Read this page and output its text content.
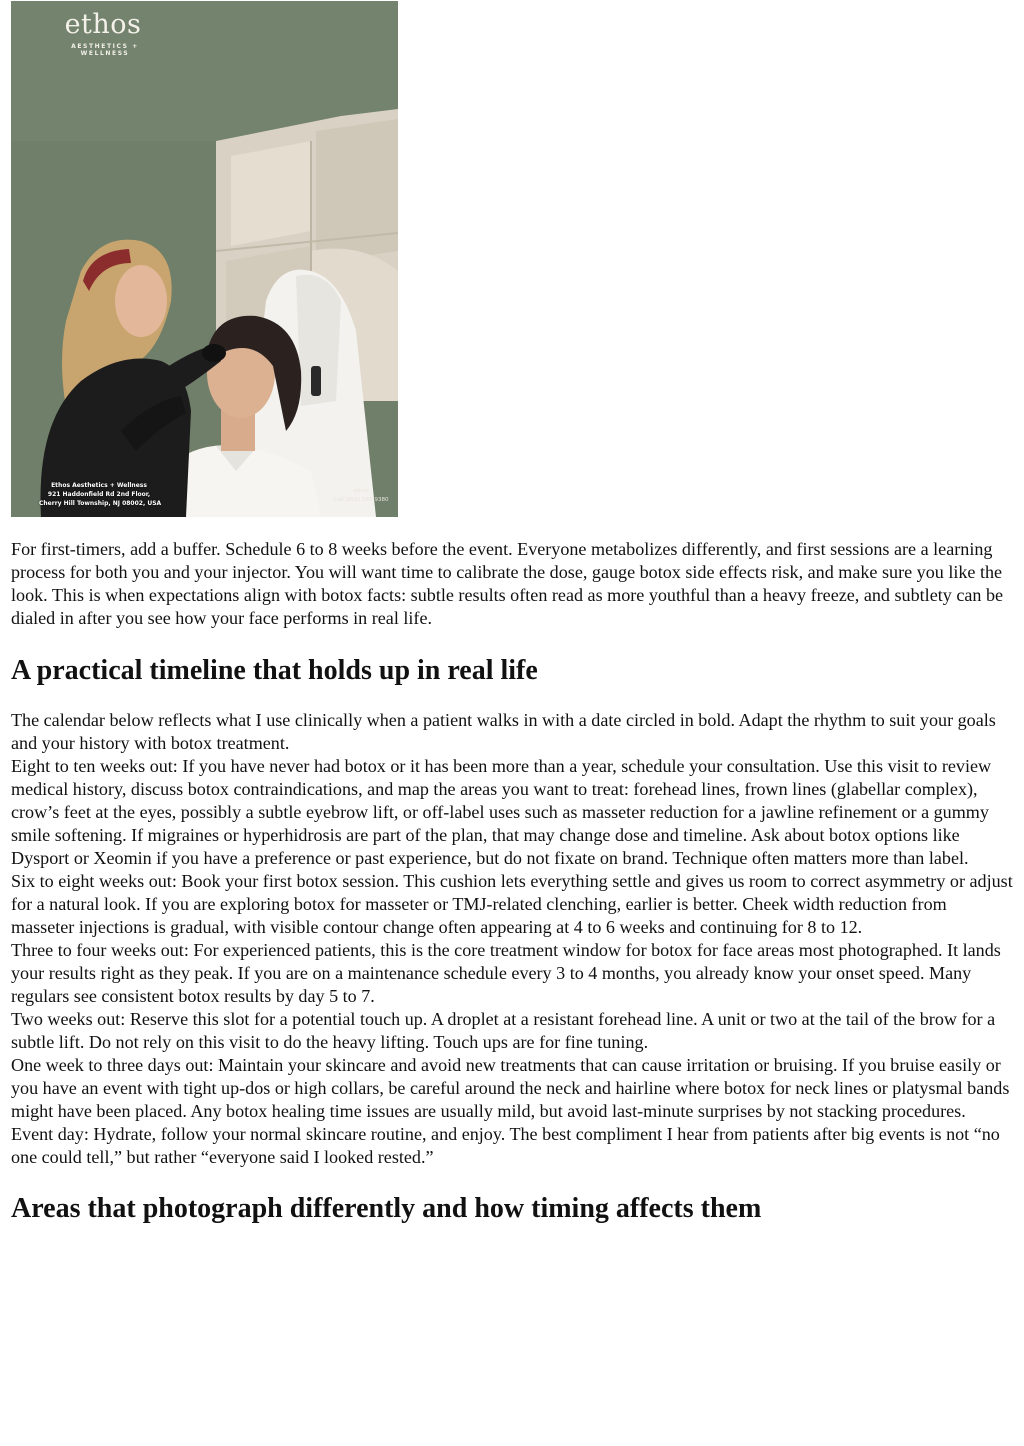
ethos
AESTHETICS + WELLNESS
Ethos Aesthetics + Wellness
921 Haddonfield Rd 2nd Floor,
Cherry Hill Township, NJ 08002, USA
ethos
Call (856) 565-9380

For first-timers, add a buffer. Schedule 6 to 8 weeks before the event. Everyone metabolizes differently, and first sessions are a learning process for both you and your injector. You will want time to calibrate the dose, gauge botox side effects risk, and make sure you like the look. This is when expectations align with botox facts: subtle results often read as more youthful than a heavy freeze, and subtlety can be dialed in after you see how your face performs in real life.

A practical timeline that holds up in real life

The calendar below reflects what I use clinically when a patient walks in with a date circled in bold. Adapt the rhythm to suit your goals and your history with botox treatment.

Eight to ten weeks out: If you have never had botox or it has been more than a year, schedule your consultation. Use this visit to review medical history, discuss botox contraindications, and map the areas you want to treat: forehead lines, frown lines (glabellar complex), crow’s feet at the eyes, possibly a subtle eyebrow lift, or off-label uses such as masseter reduction for a jawline refinement or a gummy smile softening. If migraines or hyperhidrosis are part of the plan, that may change dose and timeline. Ask about botox options like Dysport or Xeomin if you have a preference or past experience, but do not fixate on brand. Technique often matters more than label.

Six to eight weeks out: Book your first botox session. This cushion lets everything settle and gives us room to correct asymmetry or adjust for a natural look. If you are exploring botox for masseter or TMJ-related clenching, earlier is better. Cheek width reduction from masseter injections is gradual, with visible contour change often appearing at 4 to 6 weeks and continuing for 8 to 12.

Three to four weeks out: For experienced patients, this is the core treatment window for botox for face areas most photographed. It lands your results right as they peak. If you are on a maintenance schedule every 3 to 4 months, you already know your onset speed. Many regulars see consistent botox results by day 5 to 7.

Two weeks out: Reserve this slot for a potential touch up. A droplet at a resistant forehead line. A unit or two at the tail of the brow for a subtle lift. Do not rely on this visit to do the heavy lifting. Touch ups are for fine tuning.

One week to three days out: Maintain your skincare and avoid new treatments that can cause irritation or bruising. If you bruise easily or you have an event with tight up-dos or high collars, be careful around the neck and hairline where botox for neck lines or platysmal bands might have been placed. Any botox healing time issues are usually mild, but avoid last-minute surprises by not stacking procedures.

Event day: Hydrate, follow your normal skincare routine, and enjoy. The best compliment I hear from patients after big events is not “no one could tell,” but rather “everyone said I looked rested.”

Areas that photograph differently and how timing affects them
